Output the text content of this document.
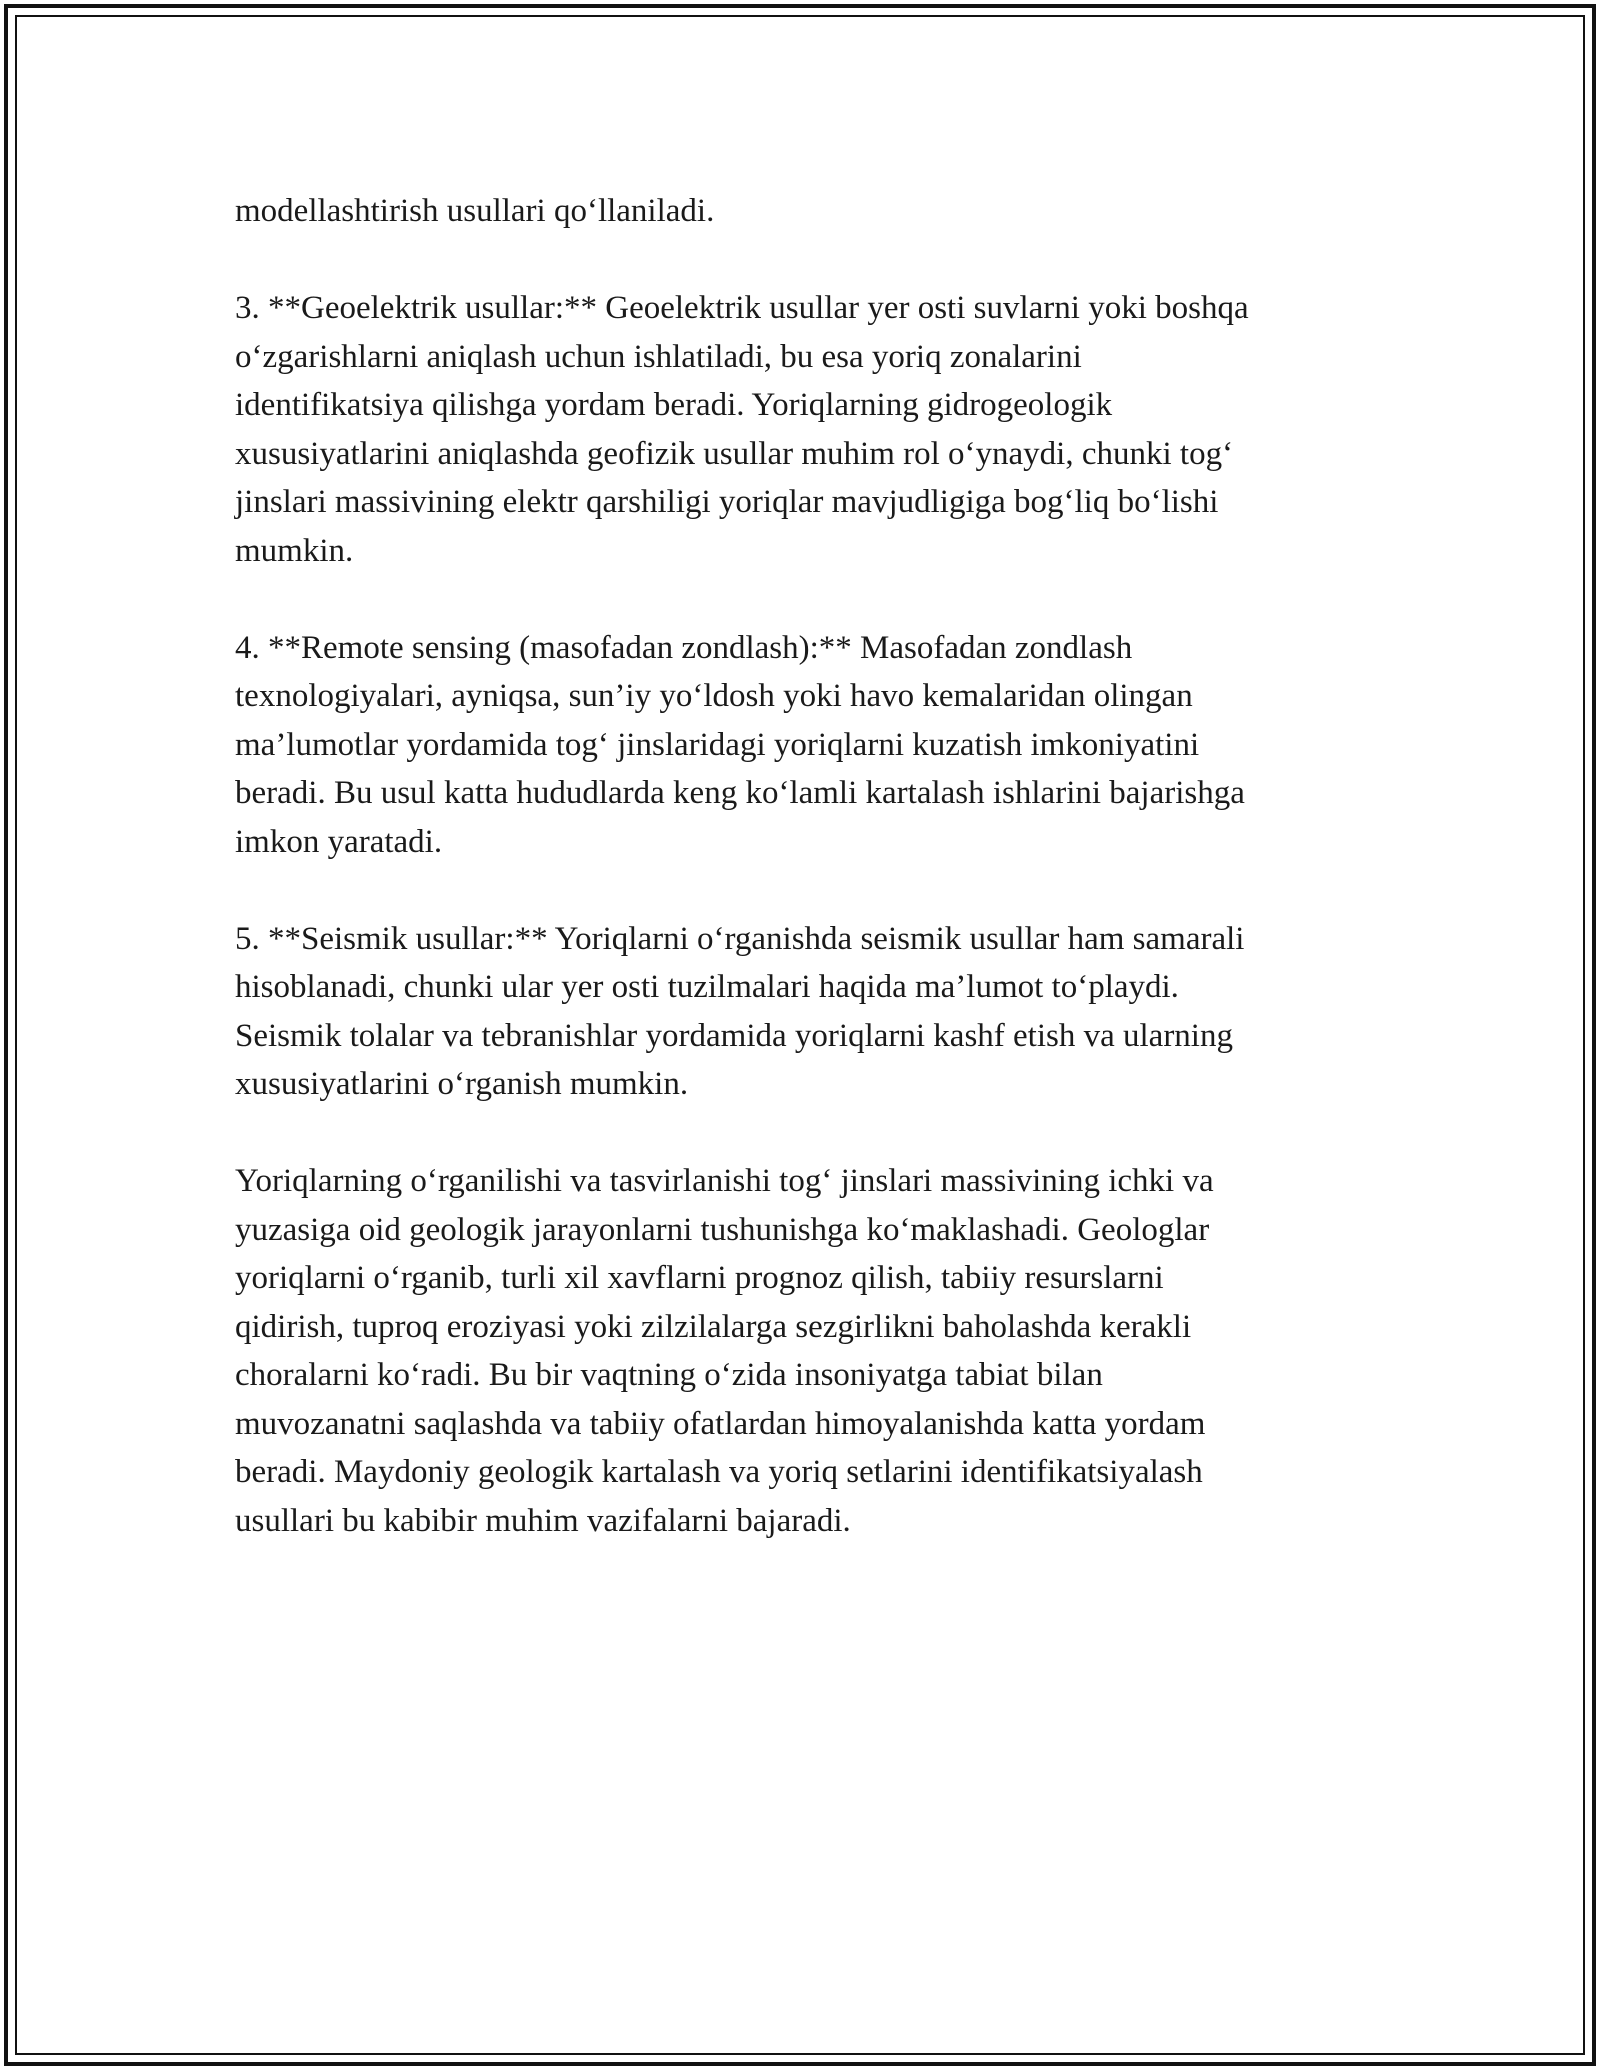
modellashtirish usullari qo‘llaniladi.

3. **Geoelektrik usullar:** Geoelektrik usullar yer osti suvlarni yoki boshqa
o‘zgarishlarni aniqlash uchun ishlatiladi, bu esa yoriq zonalarini
identifikatsiya qilishga yordam beradi. Yoriqlarning gidrogeologik
xususiyatlarini aniqlashda geofizik usullar muhim rol o‘ynaydi, chunki tog‘
jinslari massivining elektr qarshiligi yoriqlar mavjudligiga bog‘liq bo‘lishi
mumkin.

4. **Remote sensing (masofadan zondlash):** Masofadan zondlash
texnologiyalari, ayniqsa, sun’iy yo‘ldosh yoki havo kemalaridan olingan
ma’lumotlar yordamida tog‘ jinslaridagi yoriqlarni kuzatish imkoniyatini
beradi. Bu usul katta hududlarda keng ko‘lamli kartalash ishlarini bajarishga
imkon yaratadi.

5. **Seismik usullar:** Yoriqlarni o‘rganishda seismik usullar ham samarali
hisoblanadi, chunki ular yer osti tuzilmalari haqida ma’lumot to‘playdi.
Seismik tolalar va tebranishlar yordamida yoriqlarni kashf etish va ularning
xususiyatlarini o‘rganish mumkin.

Yoriqlarning o‘rganilishi va tasvirlanishi tog‘ jinslari massivining ichki va
yuzasiga oid geologik jarayonlarni tushunishga ko‘maklashadi. Geologlar
yoriqlarni o‘rganib, turli xil xavflarni prognoz qilish, tabiiy resurslarni
qidirish, tuproq eroziyasi yoki zilzilalarga sezgirlikni baholashda kerakli
choralarni ko‘radi. Bu bir vaqtning o‘zida insoniyatga tabiat bilan
muvozanatni saqlashda va tabiiy ofatlardan himoyalanishda katta yordam
beradi. Maydoniy geologik kartalash va yoriq setlarini identifikatsiyalash
usullari bu kabibir muhim vazifalarni bajaradi.
